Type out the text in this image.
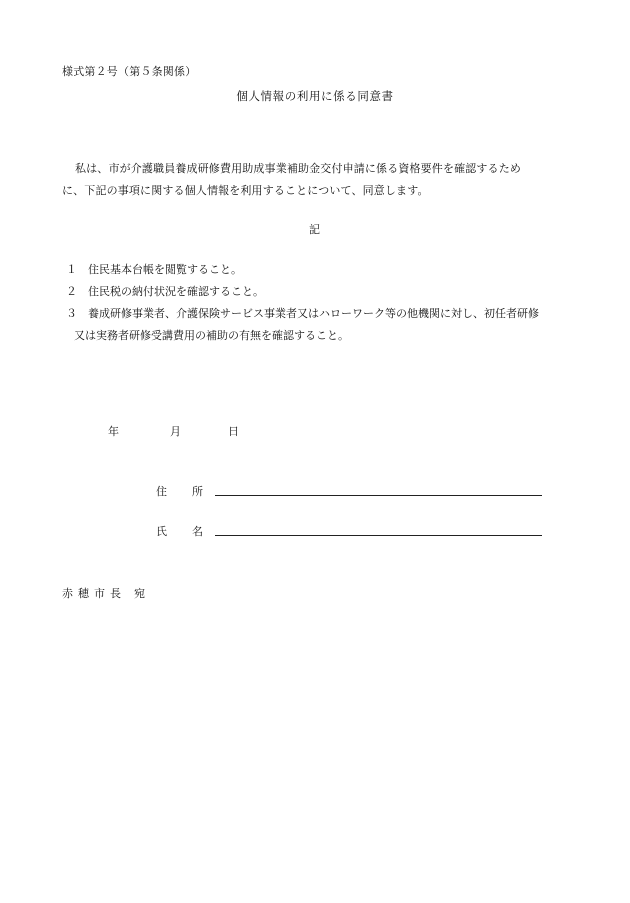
様式第２号（第５条関係）
個人情報の利用に係る同意書
私は、市が介護職員養成研修費用助成事業補助金交付申請に係る資格要件を確認するため
に、下記の事項に関する個人情報を利用することについて、同意します。
記
１ 住民基本台帳を閲覧すること。
２ 住民税の納付状況を確認すること。
３ 養成研修事業者、介護保険サービス事業者又はハローワーク等の他機関に対し、初任者研修
又は実務者研修受講費用の補助の有無を確認すること。
年	月	日
住 所
氏 名
赤 穂 市 長 宛
